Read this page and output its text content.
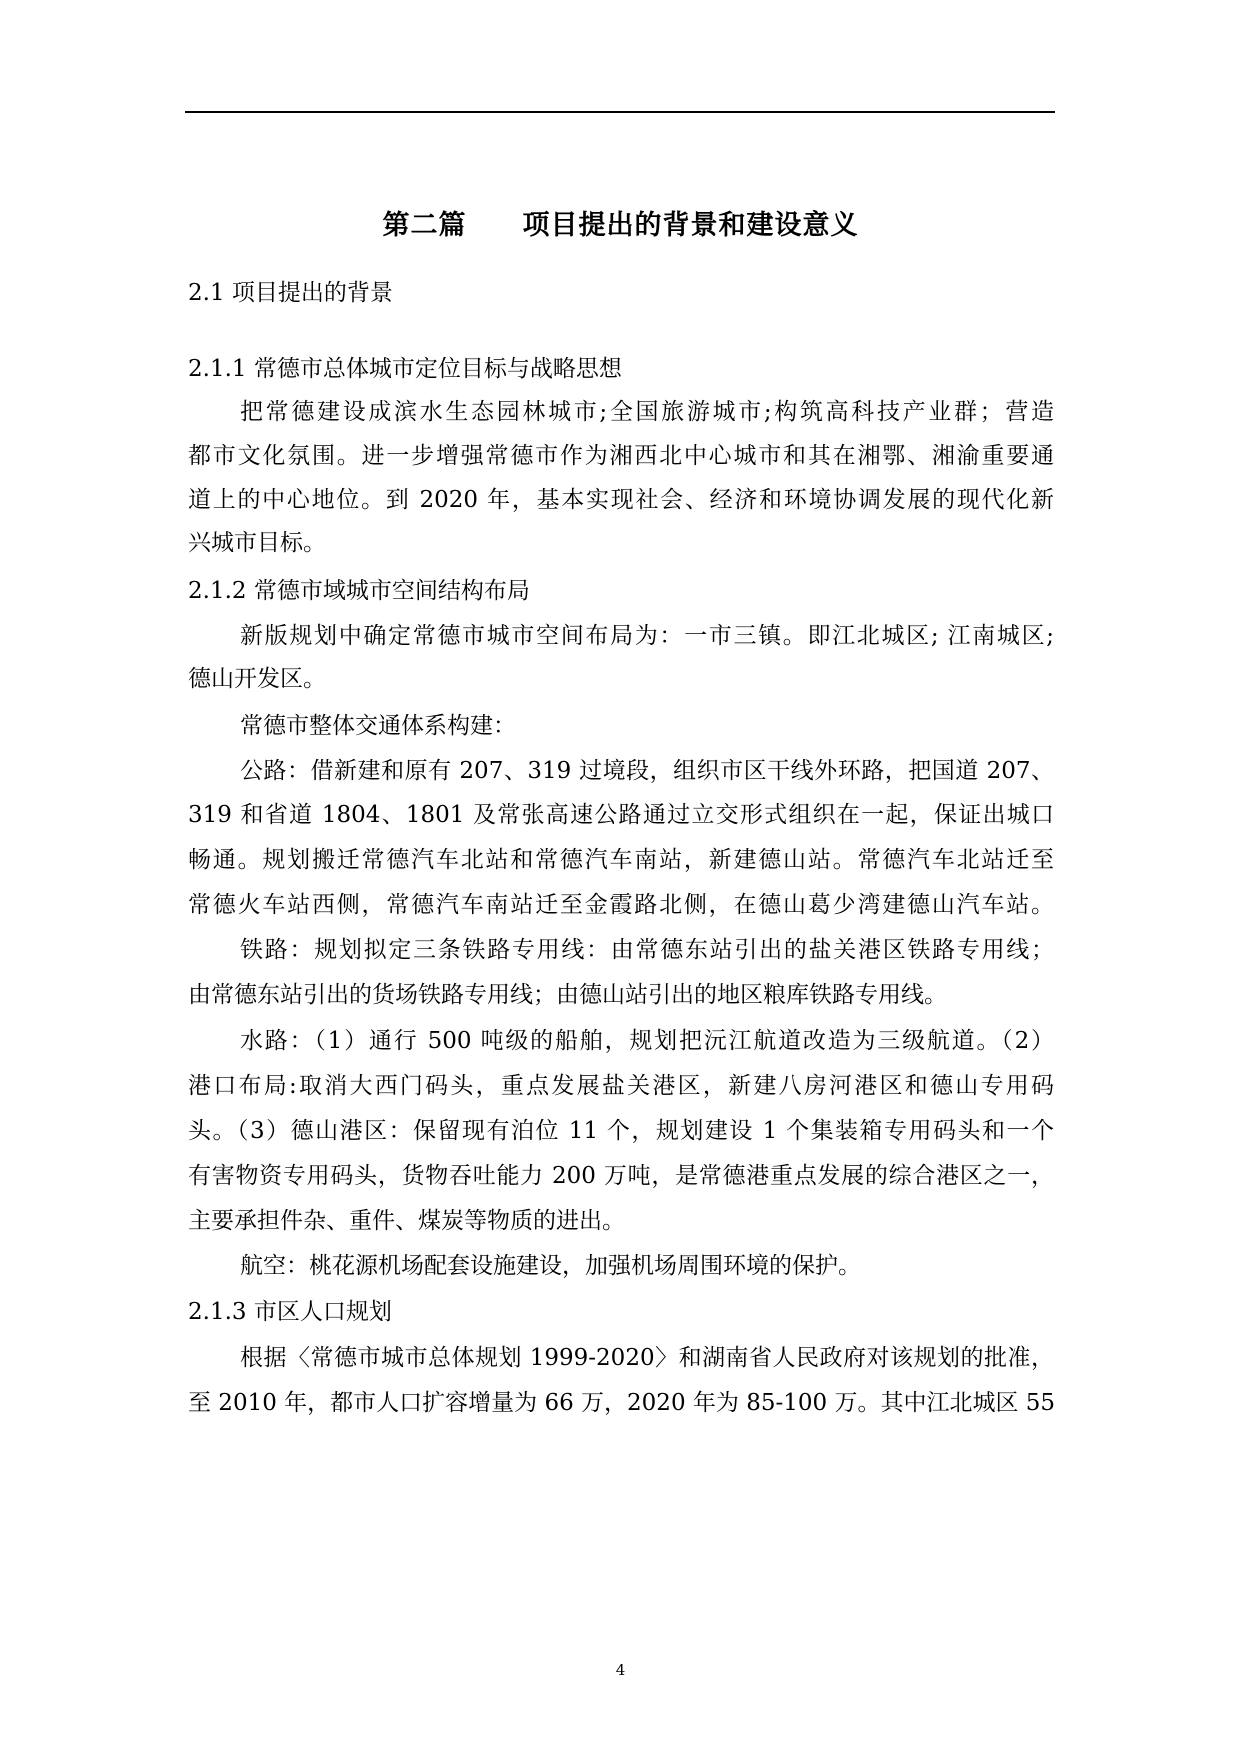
第二篇　　项目提出的背景和建设意义
2.1 项目提出的背景
2.1.1 常德市总体城市定位目标与战略思想
把常德建设成滨水生态园林城市;全国旅游城市;构筑高科技产业群；营造
都市文化氛围。进一步增强常德市作为湘西北中心城市和其在湘鄂、湘渝重要通
道上的中心地位。到 2020 年，基本实现社会、经济和环境协调发展的现代化新
兴城市目标。
2.1.2 常德市域城市空间结构布局
新版规划中确定常德市城市空间布局为：一市三镇。即江北城区; 江南城区;
德山开发区。
常德市整体交通体系构建：
公路：借新建和原有 207、319 过境段，组织市区干线外环路，把国道 207、
319 和省道 1804、1801 及常张高速公路通过立交形式组织在一起，保证出城口
畅通。规划搬迁常德汽车北站和常德汽车南站，新建德山站。常德汽车北站迁至
常德火车站西侧，常德汽车南站迁至金霞路北侧，在德山葛少湾建德山汽车站。
铁路：规划拟定三条铁路专用线：由常德东站引出的盐关港区铁路专用线；
由常德东站引出的货场铁路专用线；由德山站引出的地区粮库铁路专用线。
水路：（1）通行 500 吨级的船舶，规划把沅江航道改造为三级航道。（2）
港口布局:取消大西门码头，重点发展盐关港区，新建八房河港区和德山专用码
头。（3）德山港区：保留现有泊位 11 个，规划建设 1 个集装箱专用码头和一个
有害物资专用码头，货物吞吐能力 200 万吨，是常德港重点发展的综合港区之一，
主要承担件杂、重件、煤炭等物质的进出。
航空：桃花源机场配套设施建设，加强机场周围环境的保护。
2.1.3 市区人口规划
根据〈常德市城市总体规划 1999-2020〉和湖南省人民政府对该规划的批准，
至 2010 年，都市人口扩容增量为 66 万，2020 年为 85-100 万。其中江北城区 55
4
